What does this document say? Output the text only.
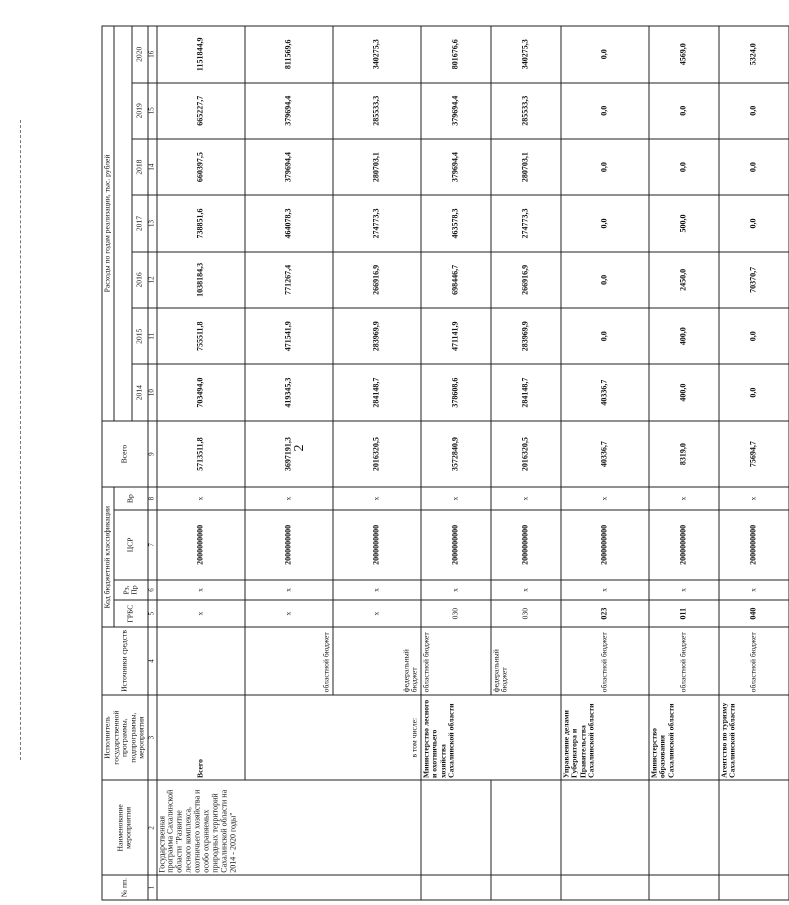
2
№ пп.	Наименование мероприятия	Исполнитель государственной программы, подпрограммы, мероприятия	Источники средств	Код бюджетной классификации				Всего	Расходы по годам реализации, тыс. рублей						
				ГРБС	Рз, Пр	ЦСР	Вр								
									2014	2015	2016	2017	2018	2019	2020
1	2	3	4	5	6	7	8	9	10	11	12	13	14	15	16
	Государственная программа Сахалинской области "Развитие лесного комплекса, охотничьего хозяйства и особо охраняемых природных территорий Сахалинской области на 2014 - 2020 годы"	Всего		x	x	2000000000	x	5713511,8	703494,0	755511,8	1038184,3	738851,6	660397,5	665227,7	1151844,9
		в том числе:	областной бюджет	x	x	2000000000	x	3697191,3	419345,3	471541,9	771267,4	464078,3	379694,4	379694,4	811569,6
			федеральный бюджет	x	x	2000000000	x	2016320,5	284148,7	283969,9	266916,9	274773,3	280703,1	285533,3	340275,3
		Министерство лесного и охотничьего хозяйства Сахалинской области	областной бюджет	030	x	2000000000	x	3572840,9	378608,6	471141,9	698446,7	463578,3	379694,4	379694,4	801676,6
			федеральный бюджет	030	x	2000000000	x	2016320,5	284148,7	283969,9	266916,9	274773,3	280703,1	285533,3	340275,3
		Управление делами Губернатора и Правительства Сахалинской области	областной бюджет	023	x	2000000000	x	40336,7	40336,7	0,0	0,0	0,0	0,0	0,0	0,0
		Министерство образования Сахалинской области	областной бюджет	011	x	2000000000	x	8319,0	400,0	400,0	2450,0	500,0	0,0	0,0	4569,0
		Агентство по туризму Сахалинской области	областной бюджет	040	x	2000000000	x	75694,7	0,0	0,0	70370,7	0,0	0,0	0,0	5324,0
